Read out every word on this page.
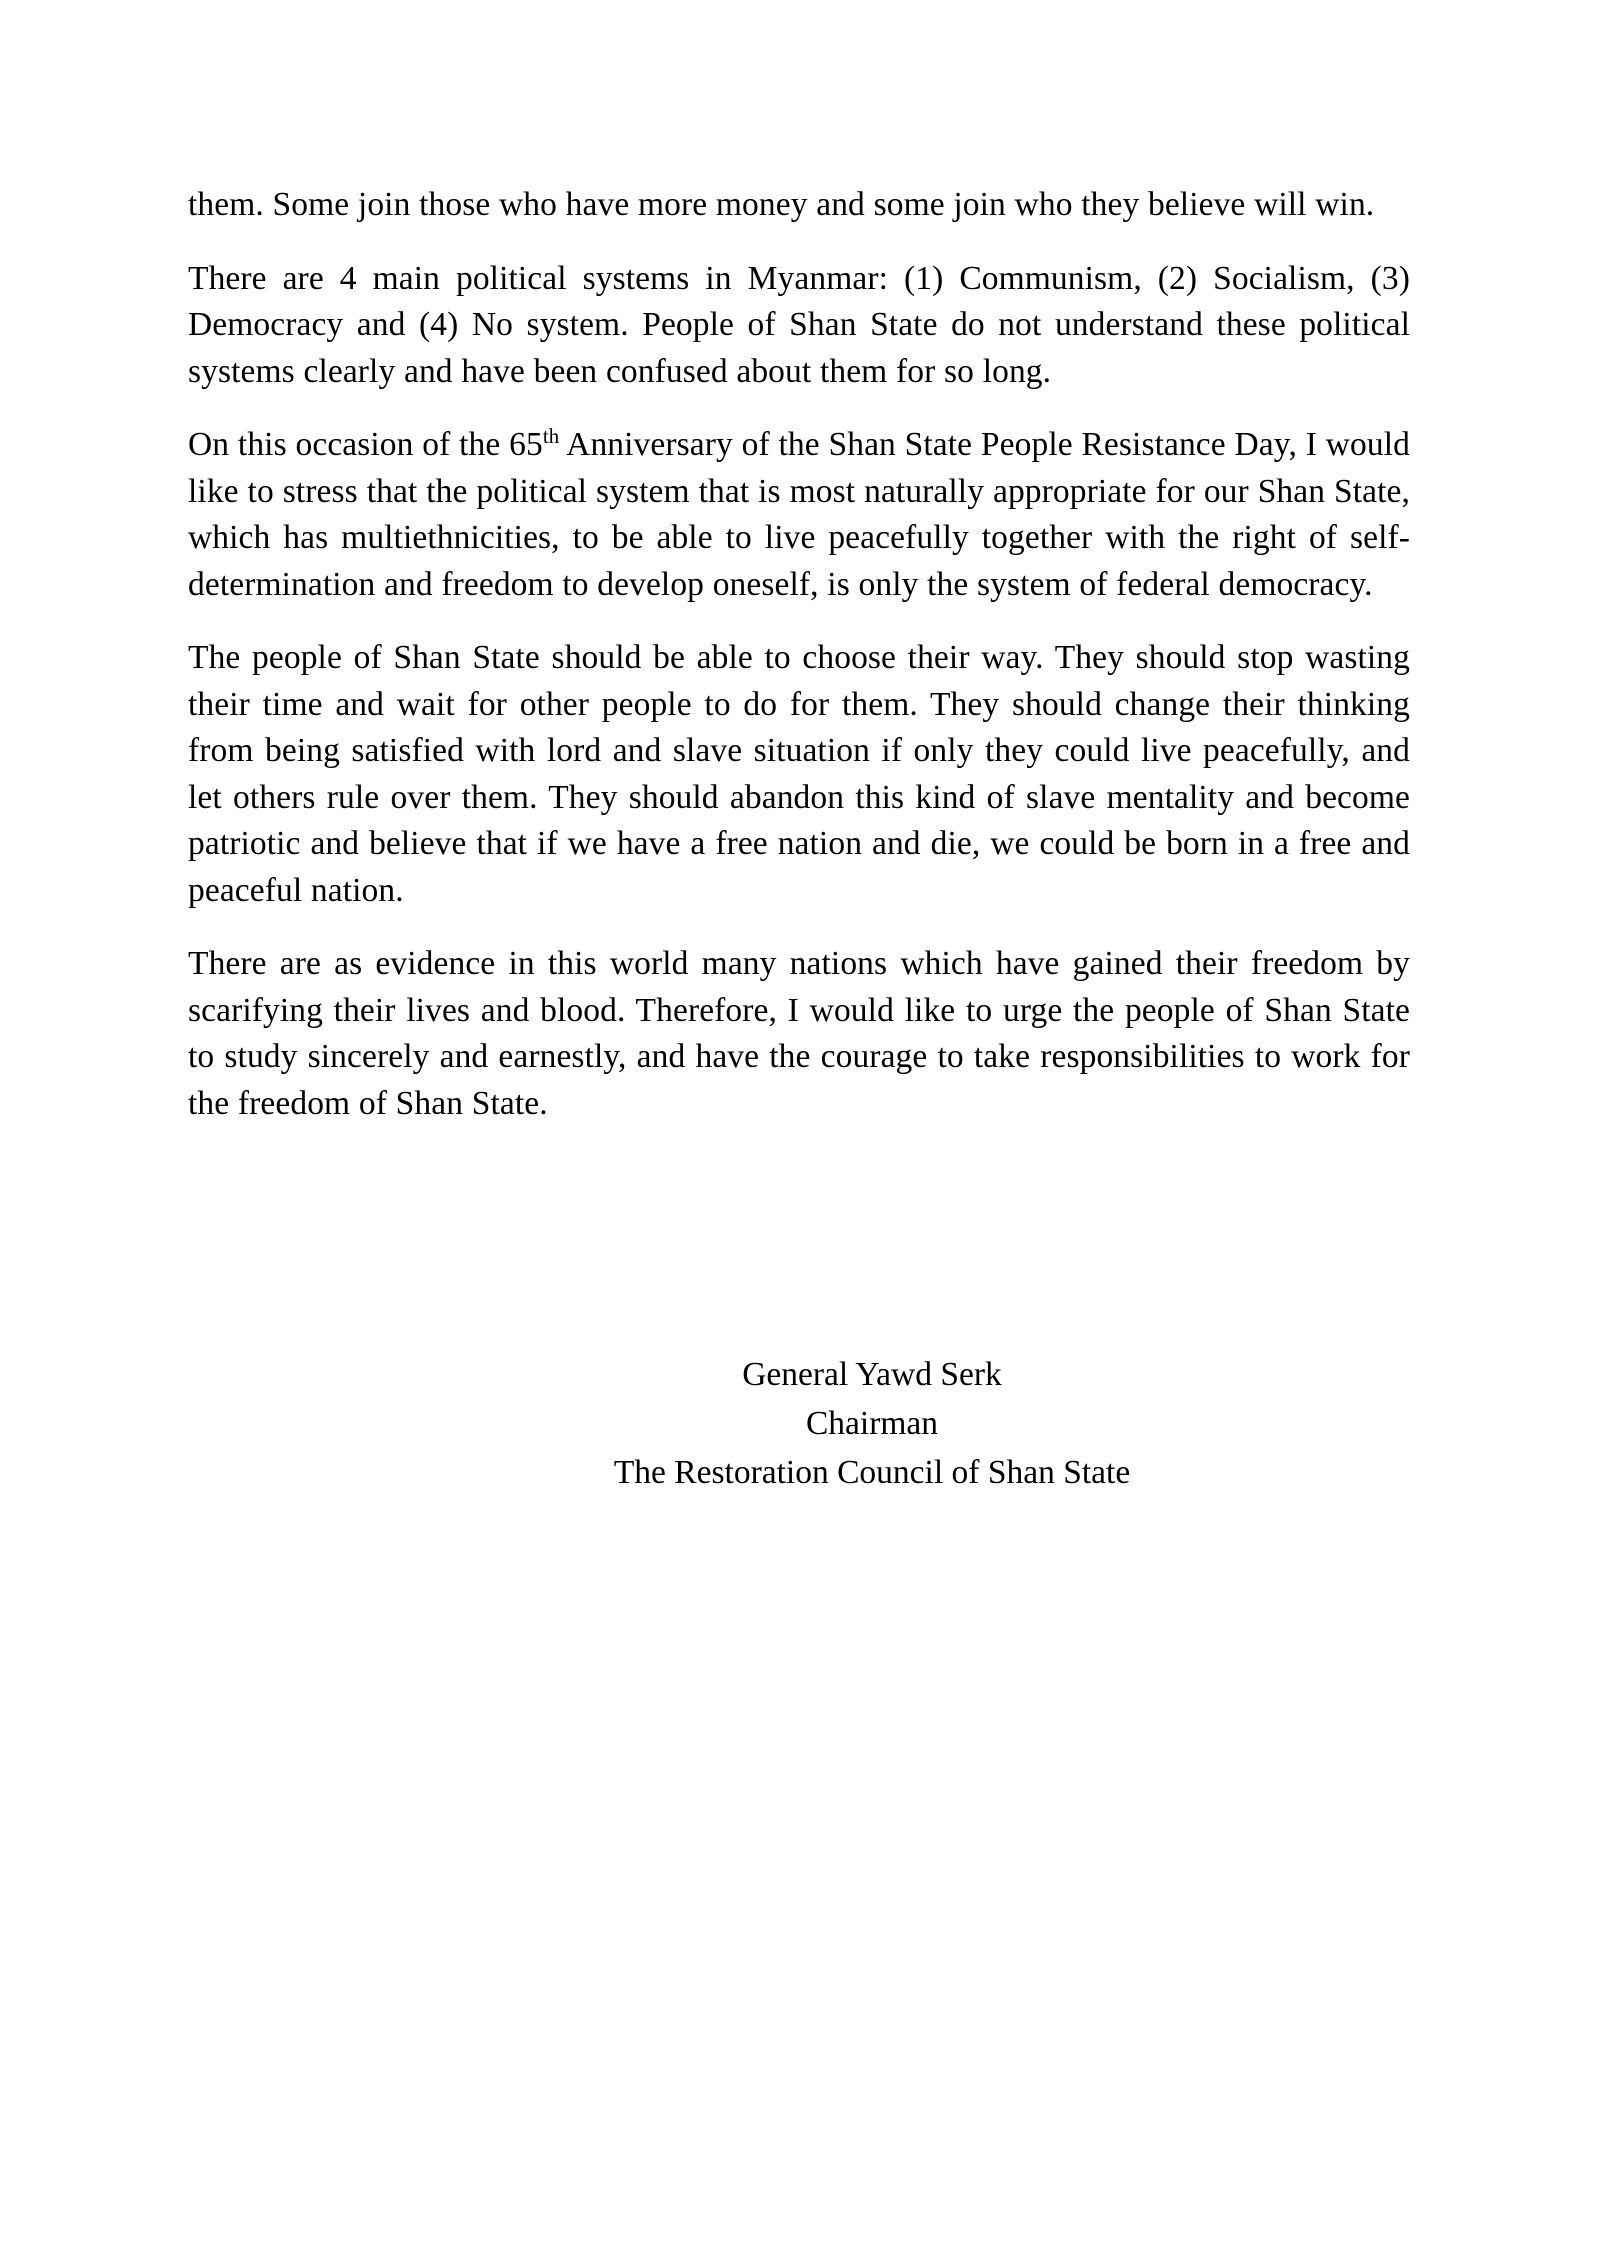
them. Some join those who have more money and some join who they believe will win.

There are 4 main political systems in Myanmar: (1) Communism, (2) Socialism, (3) Democracy and (4) No system. People of Shan State do not understand these political systems clearly and have been confused about them for so long.

On this occasion of the 65th Anniversary of the Shan State People Resistance Day, I would like to stress that the political system that is most naturally appropriate for our Shan State, which has multiethnicities, to be able to live peacefully together with the right of self-determination and freedom to develop oneself, is only the system of federal democracy.

The people of Shan State should be able to choose their way. They should stop wasting their time and wait for other people to do for them. They should change their thinking from being satisfied with lord and slave situation if only they could live peacefully, and let others rule over them. They should abandon this kind of slave mentality and become patriotic and believe that if we have a free nation and die, we could be born in a free and peaceful nation.

There are as evidence in this world many nations which have gained their freedom by scarifying their lives and blood. Therefore, I would like to urge the people of Shan State to study sincerely and earnestly, and have the courage to take responsibilities to work for the freedom of Shan State.

General Yawd Serk
Chairman
The Restoration Council of Shan State
